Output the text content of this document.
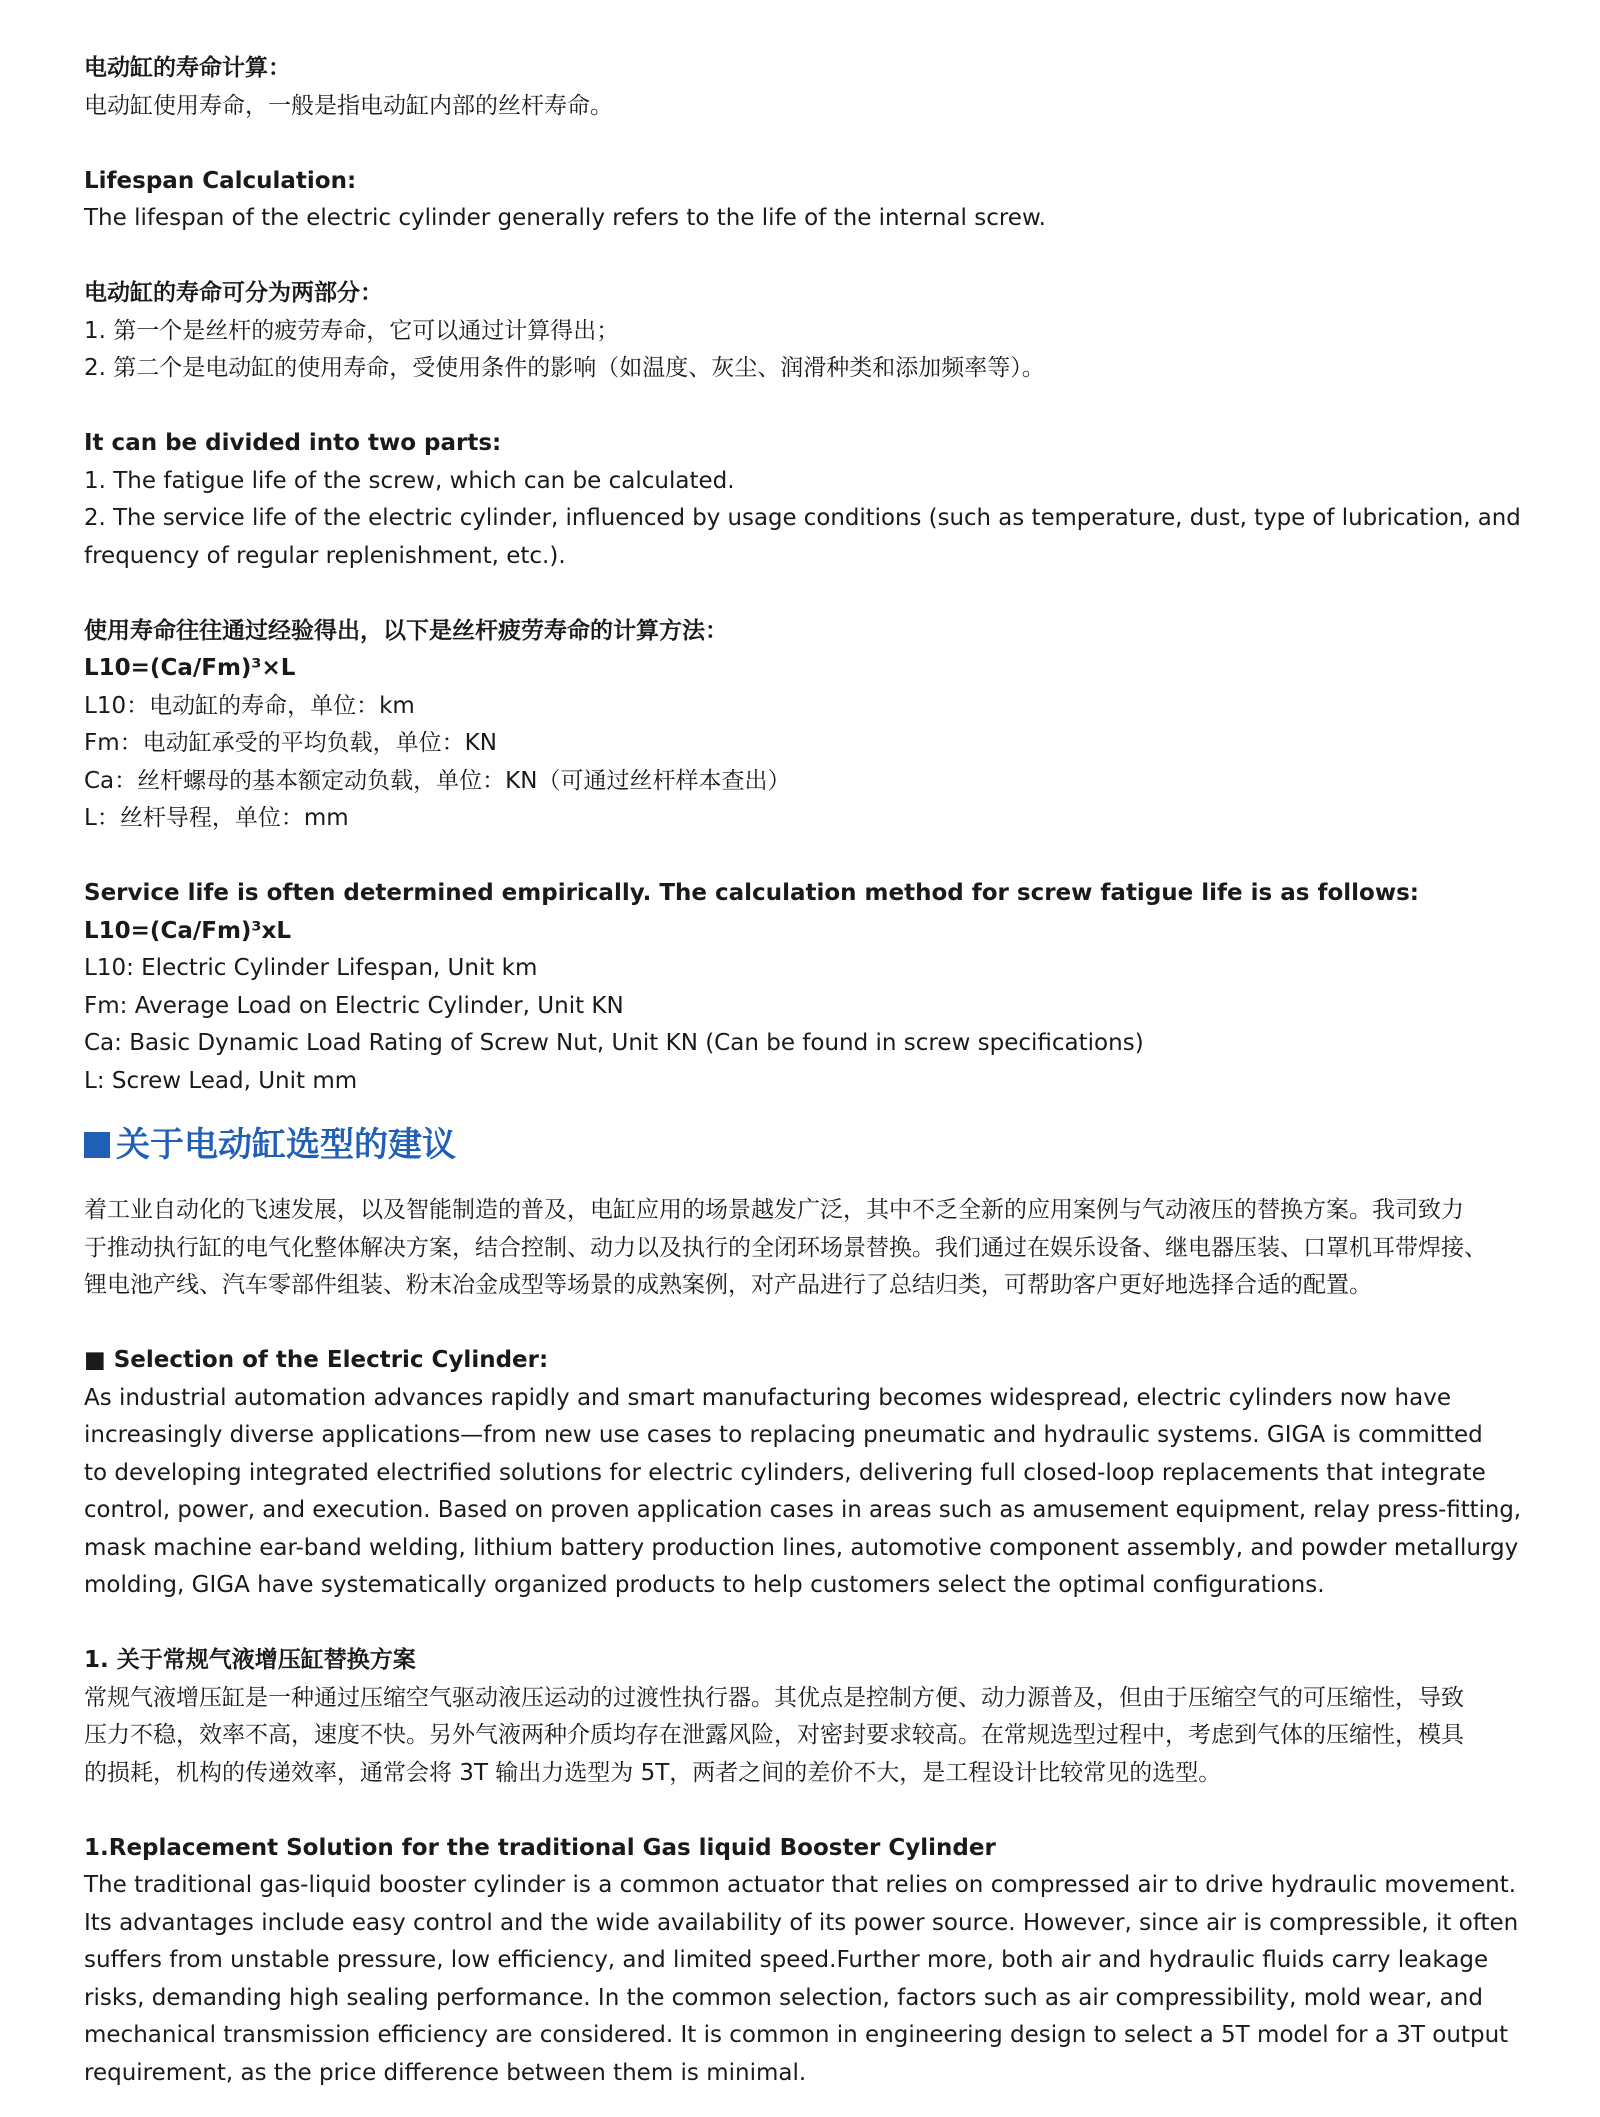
电动缸的寿命计算：

电动缸使用寿命，一般是指电动缸内部的丝杆寿命。

Lifespan Calculation:

The lifespan of the electric cylinder generally refers to the life of the internal screw.

电动缸的寿命可分为两部分：

1. 第一个是丝杆的疲劳寿命，它可以通过计算得出；

2. 第二个是电动缸的使用寿命，受使用条件的影响（如温度、灰尘、润滑种类和添加频率等）。

It can be divided into two parts:

1. The fatigue life of the screw, which can be calculated.

2. The service life of the electric cylinder, influenced by usage conditions (such as temperature, dust, type of lubrication, and

frequency of regular replenishment, etc.).

使用寿命往往通过经验得出，以下是丝杆疲劳寿命的计算方法：

L10=(Ca/Fm)³×L

L10：电动缸的寿命，单位：km

Fm：电动缸承受的平均负载，单位：KN

Ca：丝杆螺母的基本额定动负载，单位：KN（可通过丝杆样本查出）

L：丝杆导程，单位：mm

Service life is often determined empirically. The calculation method for screw fatigue life is as follows:

L10=(Ca/Fm)³xL

L10: Electric Cylinder Lifespan, Unit km

Fm: Average Load on Electric Cylinder, Unit KN

Ca: Basic Dynamic Load Rating of Screw Nut, Unit KN (Can be found in screw specifications)

L: Screw Lead, Unit mm

关于电动缸选型的建议

着工业自动化的飞速发展，以及智能制造的普及，电缸应用的场景越发广泛，其中不乏全新的应用案例与气动液压的替换方案。我司致力

于推动执行缸的电气化整体解决方案，结合控制、动力以及执行的全闭环场景替换。我们通过在娱乐设备、继电器压装、口罩机耳带焊接、

锂电池产线、汽车零部件组装、粉末冶金成型等场景的成熟案例，对产品进行了总结归类，可帮助客户更好地选择合适的配置。

■ Selection of the Electric Cylinder:

As industrial automation advances rapidly and smart manufacturing becomes widespread, electric cylinders now have

increasingly diverse applications—from new use cases to replacing pneumatic and hydraulic systems. GIGA is committed

to developing integrated electrified solutions for electric cylinders, delivering full closed-loop replacements that integrate

control, power, and execution. Based on proven application cases in areas such as amusement equipment, relay press-fitting,

mask machine ear-band welding, lithium battery production lines, automotive component assembly, and powder metallurgy

molding, GIGA have systematically organized products to help customers select the optimal configurations.

1. 关于常规气液增压缸替换方案

常规气液增压缸是一种通过压缩空气驱动液压运动的过渡性执行器。其优点是控制方便、动力源普及，但由于压缩空气的可压缩性，导致

压力不稳，效率不高，速度不快。另外气液两种介质均存在泄露风险，对密封要求较高。在常规选型过程中，考虑到气体的压缩性，模具

的损耗，机构的传递效率，通常会将 3T 输出力选型为 5T，两者之间的差价不大，是工程设计比较常见的选型。

1.Replacement Solution for the traditional Gas liquid Booster Cylinder

The traditional gas-liquid booster cylinder is a common actuator that relies on compressed air to drive hydraulic movement.

Its advantages include easy control and the wide availability of its power source. However, since air is compressible, it often

suffers from unstable pressure, low efficiency, and limited speed.Further more, both air and hydraulic fluids carry leakage

risks, demanding high sealing performance. In the common selection, factors such as air compressibility, mold wear, and

mechanical transmission efficiency are considered. It is common in engineering design to select a 5T model for a 3T output

requirement, as the price difference between them is minimal.
